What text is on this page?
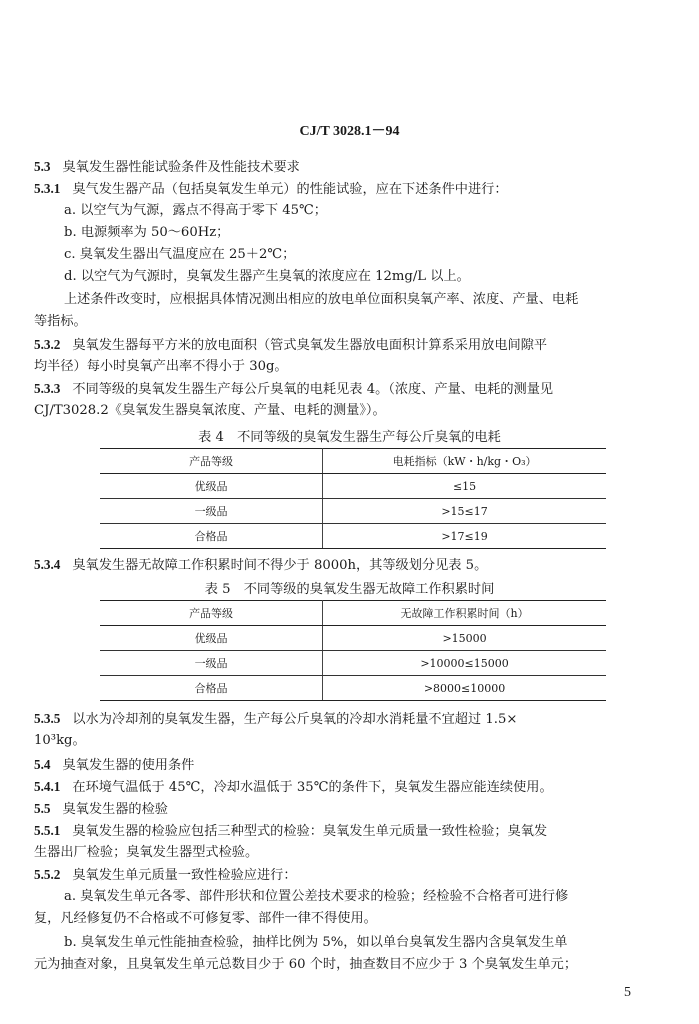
CJ/T 3028.1－94
5.3 臭氧发生器性能试验条件及性能技术要求
5.3.1 臭气发生器产品（包括臭氧发生单元）的性能试验，应在下述条件中进行：
a. 以空气为气源，露点不得高于零下 45℃；
b. 电源频率为 50～60Hz；
c. 臭氧发生器出气温度应在 25＋2℃；
d. 以空气为气源时，臭氧发生器产生臭氧的浓度应在 12mg/L 以上。
上述条件改变时，应根据具体情况测出相应的放电单位面积臭氧产率、浓度、产量、电耗
等指标。
5.3.2 臭氧发生器每平方米的放电面积（管式臭氧发生器放电面积计算系采用放电间隙平
均半径）每小时臭氧产出率不得小于 30g。
5.3.3 不同等级的臭氧发生器生产每公斤臭氧的电耗见表 4。（浓度、产量、电耗的测量见
CJ/T3028.2《臭氧发生器臭氧浓度、产量、电耗的测量》）。
表 4　不同等级的臭氧发生器生产每公斤臭氧的电耗
产品等级	电耗指标（kW・h/kg・O₃）
优级品	≤15
一级品	>15≤17
合格品	>17≤19
5.3.4 臭氧发生器无故障工作积累时间不得少于 8000h，其等级划分见表 5。
表 5　不同等级的臭氧发生器无故障工作积累时间
产品等级	无故障工作积累时间（h）
优级品	>15000
一级品	>10000≤15000
合格品	>8000≤10000
5.3.5 以水为冷却剂的臭氧发生器，生产每公斤臭氧的冷却水消耗量不宜超过 1.5×
10³kg。
5.4 臭氧发生器的使用条件
5.4.1 在环境气温低于 45℃，冷却水温低于 35℃的条件下，臭氧发生器应能连续使用。
5.5 臭氧发生器的检验
5.5.1 臭氧发生器的检验应包括三种型式的检验：臭氧发生单元质量一致性检验；臭氧发
生器出厂检验；臭氧发生器型式检验。
5.5.2 臭氧发生单元质量一致性检验应进行：
a. 臭氧发生单元各零、部件形状和位置公差技术要求的检验；经检验不合格者可进行修
复，凡经修复仍不合格或不可修复零、部件一律不得使用。
b. 臭氧发生单元性能抽查检验，抽样比例为 5%，如以单台臭氧发生器内含臭氧发生单
元为抽查对象，且臭氧发生单元总数目少于 60 个时，抽查数目不应少于 3 个臭氧发生单元；
5
